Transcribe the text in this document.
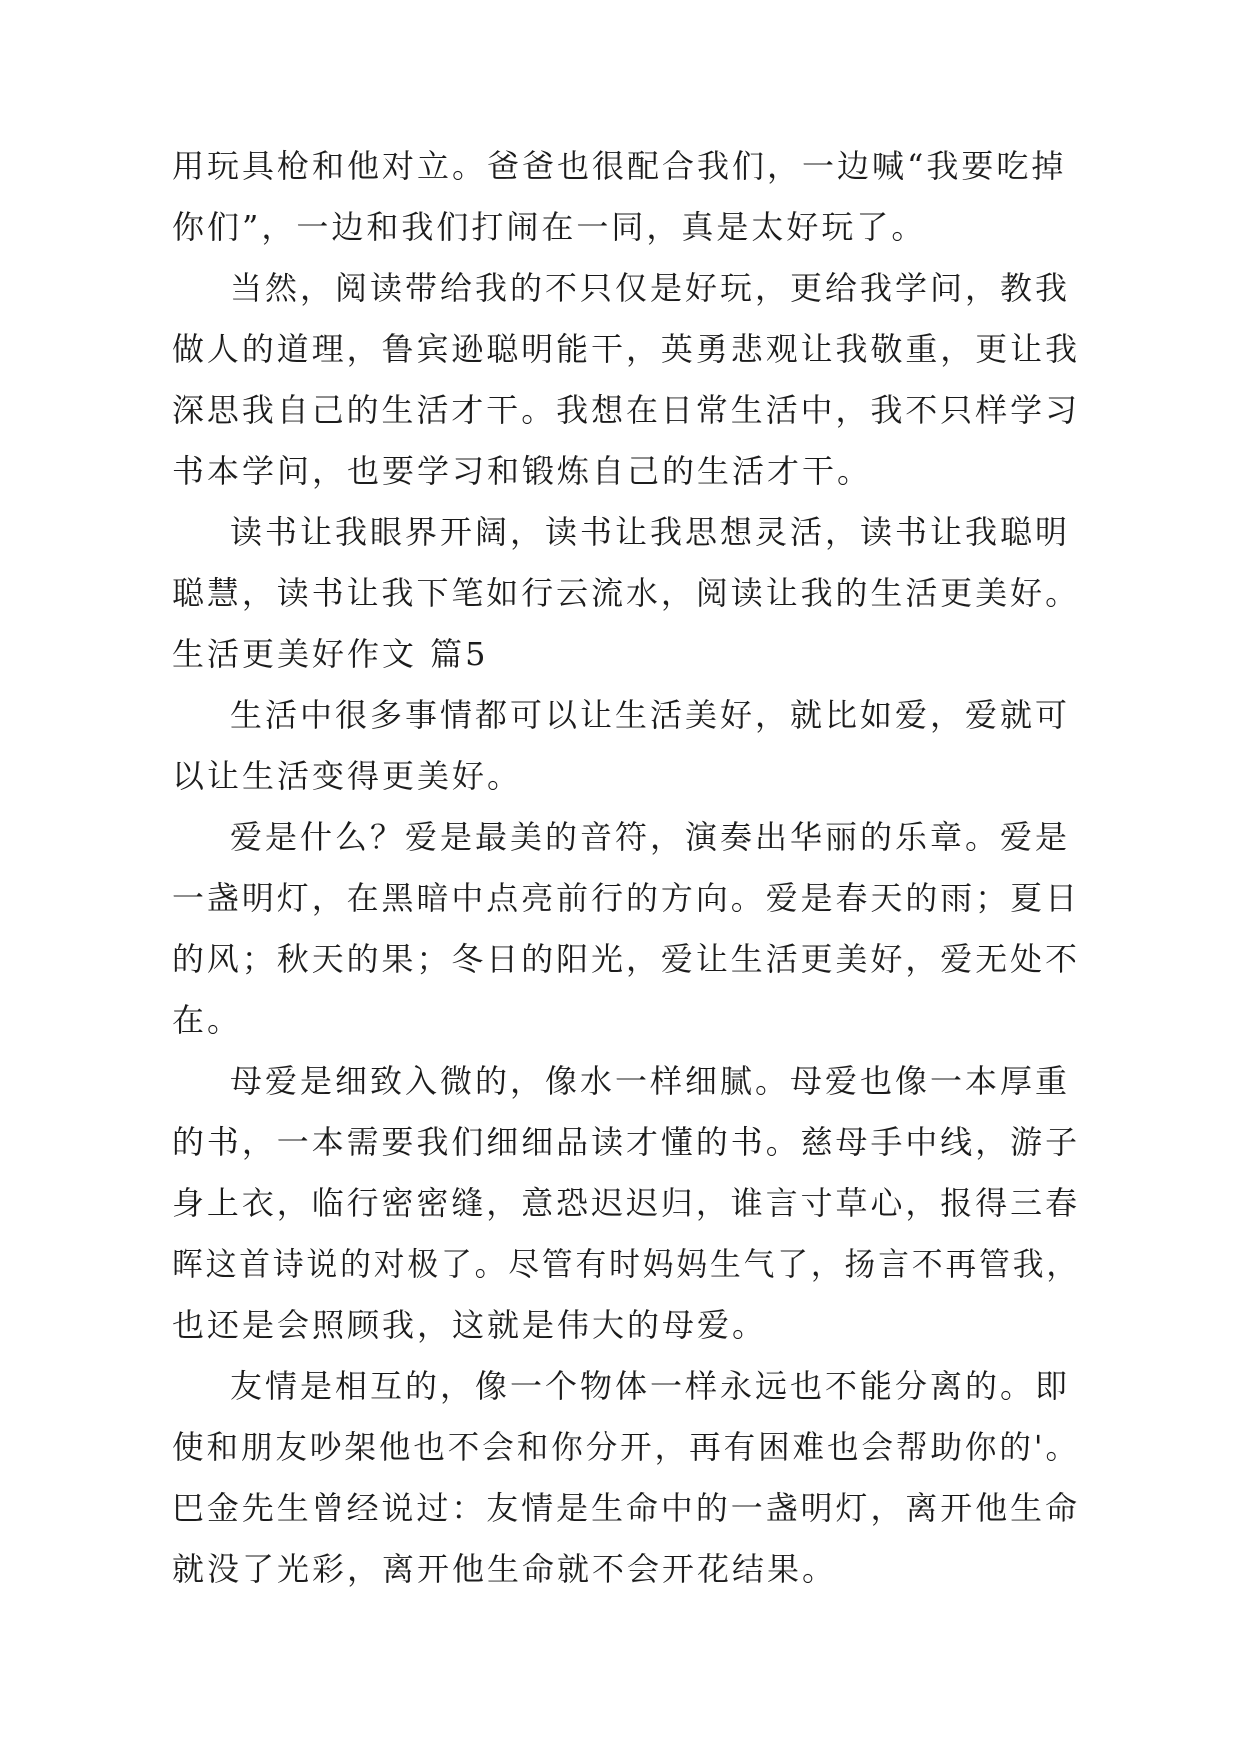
用玩具枪和他对立。爸爸也很配合我们，一边喊“我要吃掉
你们”，一边和我们打闹在一同，真是太好玩了。
当然，阅读带给我的不只仅是好玩，更给我学问，教我
做人的道理，鲁宾逊聪明能干，英勇悲观让我敬重，更让我
深思我自己的生活才干。我想在日常生活中，我不只样学习
书本学问，也要学习和锻炼自己的生活才干。
读书让我眼界开阔，读书让我思想灵活，读书让我聪明
聪慧，读书让我下笔如行云流水，阅读让我的生活更美好。
生活更美好作文 篇5
生活中很多事情都可以让生活美好，就比如爱，爱就可
以让生活变得更美好。
爱是什么？爱是最美的音符，演奏出华丽的乐章。爱是
一盏明灯，在黑暗中点亮前行的方向。爱是春天的雨；夏日
的风；秋天的果；冬日的阳光，爱让生活更美好，爱无处不
在。
母爱是细致入微的，像水一样细腻。母爱也像一本厚重
的书，一本需要我们细细品读才懂的书。慈母手中线，游子
身上衣，临行密密缝，意恐迟迟归，谁言寸草心，报得三春
晖这首诗说的对极了。尽管有时妈妈生气了，扬言不再管我，
也还是会照顾我，这就是伟大的母爱。
友情是相互的，像一个物体一样永远也不能分离的。即
使和朋友吵架他也不会和你分开，再有困难也会帮助你的'。
巴金先生曾经说过：友情是生命中的一盏明灯，离开他生命
就没了光彩，离开他生命就不会开花结果。
